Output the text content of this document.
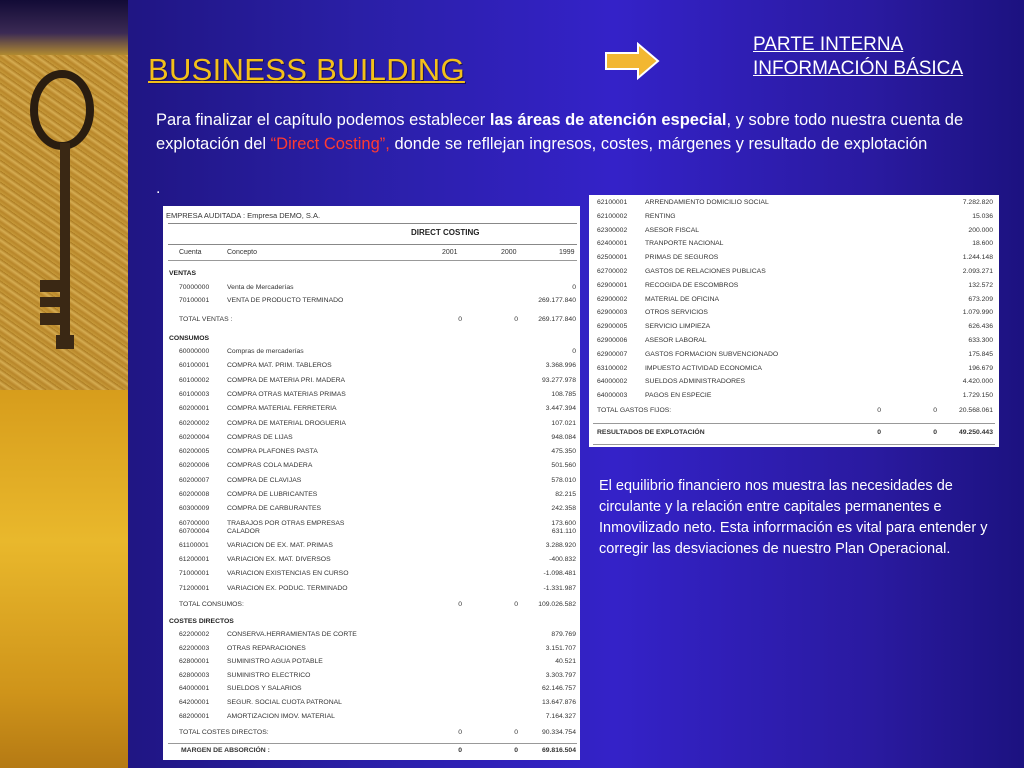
BUSINESS BUILDING
PARTE INTERNA
INFORMACIÓN BÁSICA
Para finalizar el capítulo podemos establecer las áreas de atención especial, y sobre todo nuestra cuenta de explotación del “Direct Costing”, donde se refllejan ingresos, costes, márgenes y resultado de explotación
.
EMPRESA AUDITADA : Empresa DEMO, S.A.
DIRECT COSTING
Cuenta	Concepto	2001	2000	1999
VENTAS
70000000	Venta de Mercaderías	0
70100001	VENTA DE PRODUCTO TERMINADO	269.177.840
TOTAL VENTAS :	0	0	269.177.840
CONSUMOS
60000000	Compras de mercaderías	0
60100001	COMPRA MAT. PRIM. TABLEROS	3.368.996
60100002	COMPRA DE MATERIA PRI. MADERA	93.277.978
60100003	COMPRA OTRAS MATERIAS PRIMAS	108.785
60200001	COMPRA MATERIAL FERRETERIA	3.447.394
60200002	COMPRA DE MATERIAL DROGUERIA	107.021
60200004	COMPRAS DE LIJAS	948.084
60200005	COMPRA PLAFONES PASTA	475.350
60200006	COMPRAS COLA MADERA	501.560
60200007	COMPRA DE CLAVIJAS	578.010
60200008	COMPRA DE LUBRICANTES	82.215
60300009	COMPRA DE CARBURANTES	242.358
60700000	TRABAJOS POR OTRAS EMPRESAS	173.600
60700004	CALADOR	631.110
61100001	VARIACION DE EX. MAT. PRIMAS	3.288.920
61200001	VARIACION EX. MAT. DIVERSOS	-400.832
71000001	VARIACION EXISTENCIAS EN CURSO	-1.098.481
71200001	VARIACION EX. PODUC. TERMINADO	-1.331.987
TOTAL CONSUMOS:	0	0	109.026.582
COSTES DIRECTOS
62200002	CONSERVA.HERRAMIENTAS DE CORTE	879.769
62200003	OTRAS REPARACIONES	3.151.707
62800001	SUMINISTRO AGUA POTABLE	40.521
62800003	SUMINISTRO ELECTRICO	3.303.797
64000001	SUELDOS Y SALARIOS	62.146.757
64200001	SEGUR. SOCIAL CUOTA PATRONAL	13.647.876
68200001	AMORTIZACION IMOV. MATERIAL	7.164.327
TOTAL COSTES DIRECTOS:	0	0	90.334.754
MARGEN DE ABSORCIÓN :	0	0	69.816.504
62100001	ARRENDAMIENTO DOMICILIO SOCIAL	7.282.820
62100002	RENTING	15.036
62300002	ASESOR FISCAL	200.000
62400001	TRANPORTE NACIONAL	18.600
62500001	PRIMAS DE SEGUROS	1.244.148
62700002	GASTOS DE RELACIONES PUBLICAS	2.093.271
62900001	RECOGIDA DE ESCOMBROS	132.572
62900002	MATERIAL DE OFICINA	673.209
62900003	OTROS SERVICIOS	1.079.990
62900005	SERVICIO LIMPIEZA	626.436
62900006	ASESOR LABORAL	633.300
62900007	GASTOS FORMACION SUBVENCIONADO	175.845
63100002	IMPUESTO ACTIVIDAD ECONOMICA	196.679
64000002	SUELDOS ADMINISTRADORES	4.420.000
64000003	PAGOS EN ESPECIE	1.729.150
TOTAL GASTOS FIJOS:	0	0	20.568.061
RESULTADOS DE EXPLOTACIÓN	0	0	49.250.443
El equilibrio financiero nos muestra las necesidades de circulante y la relación entre capitales permanentes e Inmovilizado neto. Esta inforrmación es vital para entender y corregir las desviaciones de nuestro Plan Operacional.
